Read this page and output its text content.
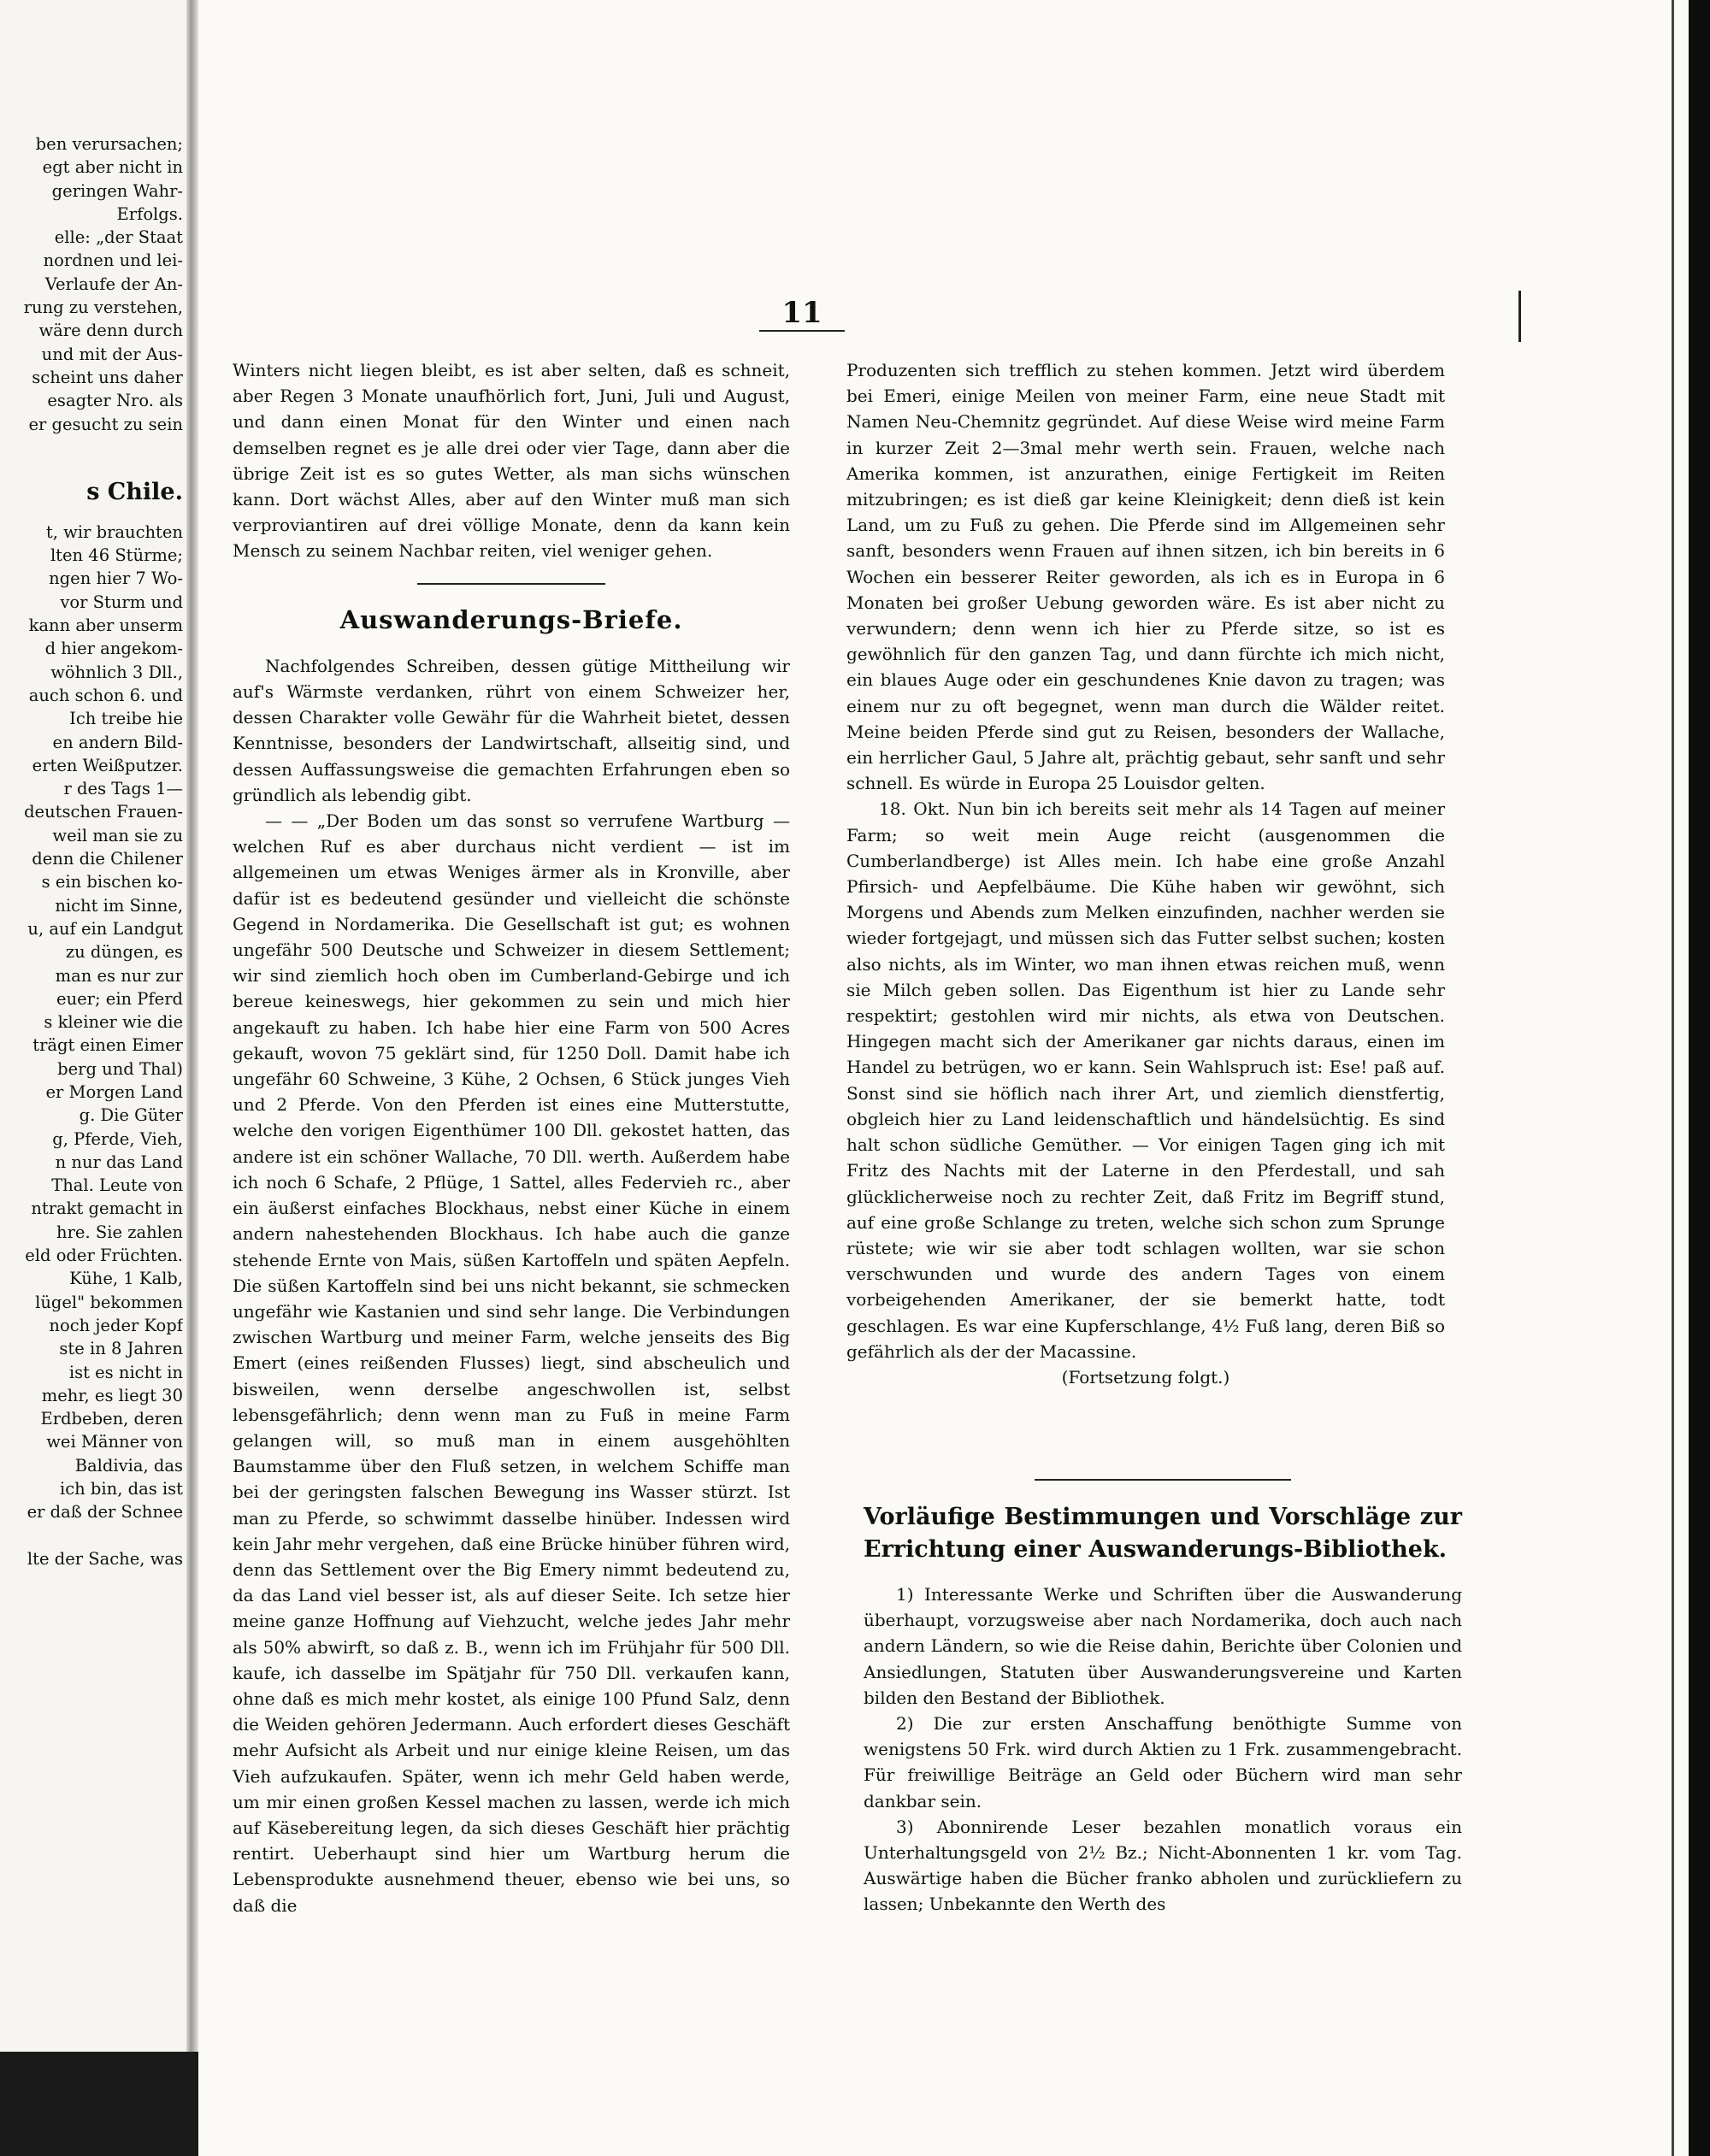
ben verursachen;
egt aber nicht in
geringen Wahr-
Erfolgs.
elle: „der Staat
nordnen und lei-
Verlaufe der An-
rung zu verstehen,
wäre denn durch
und mit der Aus-
scheint uns daher
esagter Nro. als
er gesucht zu sein
s Chile.
t, wir brauchten
lten 46 Stürme;
ngen hier 7 Wo-
vor Sturm und
kann aber unserm
d hier angekom-
wöhnlich 3 Dll.,
auch schon 6. und
Ich treibe hie
en andern Bild-
erten Weißputzer.
r des Tags 1—
deutschen Frauen-
weil man sie zu
denn die Chilener
s ein bischen ko-
nicht im Sinne,
u, auf ein Landgut
zu düngen, es
man es nur zur
euer; ein Pferd
s kleiner wie die
trägt einen Eimer
berg und Thal)
er Morgen Land
g. Die Güter
g, Pferde, Vieh,
n nur das Land
Thal. Leute von
ntrakt gemacht in
hre. Sie zahlen
eld oder Früchten.
Kühe, 1 Kalb,
lügel" bekommen
noch jeder Kopf
ste in 8 Jahren
ist es nicht in
mehr, es liegt 30
Erdbeben, deren
wei Männer von
Baldivia, das
ich bin, das ist
er daß der Schnee

lte der Sache, was
11

Winters nicht liegen bleibt, es ist aber selten, daß es schneit, aber Regen 3 Monate unaufhörlich fort, Juni, Juli und August, und dann einen Monat für den Winter und einen nach demselben regnet es je alle drei oder vier Tage, dann aber die übrige Zeit ist es so gutes Wetter, als man sichs wünschen kann. Dort wächst Alles, aber auf den Winter muß man sich verproviantiren auf drei völlige Monate, denn da kann kein Mensch zu seinem Nachbar reiten, viel weniger gehen.

Auswanderungs-Briefe.

Nachfolgendes Schreiben, dessen gütige Mittheilung wir auf's Wärmste verdanken, rührt von einem Schweizer her, dessen Charakter volle Gewähr für die Wahrheit bietet, dessen Kenntnisse, besonders der Landwirtschaft, allseitig sind, und dessen Auffassungsweise die gemachten Erfahrungen eben so gründlich als lebendig gibt.

— — „Der Boden um das sonst so verrufene Wartburg — welchen Ruf es aber durchaus nicht verdient — ist im allgemeinen um etwas Weniges ärmer als in Kronville, aber dafür ist es bedeutend gesünder und vielleicht die schönste Gegend in Nordamerika. Die Gesellschaft ist gut; es wohnen ungefähr 500 Deutsche und Schweizer in diesem Settlement; wir sind ziemlich hoch oben im Cumberland-Gebirge und ich bereue keineswegs, hier gekommen zu sein und mich hier angekauft zu haben. Ich habe hier eine Farm von 500 Acres gekauft, wovon 75 geklärt sind, für 1250 Doll. Damit habe ich ungefähr 60 Schweine, 3 Kühe, 2 Ochsen, 6 Stück junges Vieh und 2 Pferde. Von den Pferden ist eines eine Mutterstutte, welche den vorigen Eigenthümer 100 Dll. gekostet hatten, das andere ist ein schöner Wallache, 70 Dll. werth. Außerdem habe ich noch 6 Schafe, 2 Pflüge, 1 Sattel, alles Federvieh rc., aber ein äußerst einfaches Blockhaus, nebst einer Küche in einem andern nahestehenden Blockhaus. Ich habe auch die ganze stehende Ernte von Mais, süßen Kartoffeln und späten Aepfeln. Die süßen Kartoffeln sind bei uns nicht bekannt, sie schmecken ungefähr wie Kastanien und sind sehr lange. Die Verbindungen zwischen Wartburg und meiner Farm, welche jenseits des Big Emert (eines reißenden Flusses) liegt, sind abscheulich und bisweilen, wenn derselbe angeschwollen ist, selbst lebensgefährlich; denn wenn man zu Fuß in meine Farm gelangen will, so muß man in einem ausgehöhlten Baumstamme über den Fluß setzen, in welchem Schiffe man bei der geringsten falschen Bewegung ins Wasser stürzt. Ist man zu Pferde, so schwimmt dasselbe hinüber. Indessen wird kein Jahr mehr vergehen, daß eine Brücke hinüber führen wird, denn das Settlement over the Big Emery nimmt bedeutend zu, da das Land viel besser ist, als auf dieser Seite. Ich setze hier meine ganze Hoffnung auf Viehzucht, welche jedes Jahr mehr als 50% abwirft, so daß z. B., wenn ich im Frühjahr für 500 Dll. kaufe, ich dasselbe im Spätjahr für 750 Dll. verkaufen kann, ohne daß es mich mehr kostet, als einige 100 Pfund Salz, denn die Weiden gehören Jedermann. Auch erfordert dieses Geschäft mehr Aufsicht als Arbeit und nur einige kleine Reisen, um das Vieh aufzukaufen. Später, wenn ich mehr Geld haben werde, um mir einen großen Kessel machen zu lassen, werde ich mich auf Käsebereitung legen, da sich dieses Geschäft hier prächtig rentirt. Ueberhaupt sind hier um Wartburg herum die Lebensprodukte ausnehmend theuer, ebenso wie bei uns, so daß die

Produzenten sich trefflich zu stehen kommen. Jetzt wird überdem bei Emeri, einige Meilen von meiner Farm, eine neue Stadt mit Namen Neu-Chemnitz gegründet. Auf diese Weise wird meine Farm in kurzer Zeit 2—3mal mehr werth sein. Frauen, welche nach Amerika kommen, ist anzurathen, einige Fertigkeit im Reiten mitzubringen; es ist dieß gar keine Kleinigkeit; denn dieß ist kein Land, um zu Fuß zu gehen. Die Pferde sind im Allgemeinen sehr sanft, besonders wenn Frauen auf ihnen sitzen, ich bin bereits in 6 Wochen ein besserer Reiter geworden, als ich es in Europa in 6 Monaten bei großer Uebung geworden wäre. Es ist aber nicht zu verwundern; denn wenn ich hier zu Pferde sitze, so ist es gewöhnlich für den ganzen Tag, und dann fürchte ich mich nicht, ein blaues Auge oder ein geschundenes Knie davon zu tragen; was einem nur zu oft begegnet, wenn man durch die Wälder reitet. Meine beiden Pferde sind gut zu Reisen, besonders der Wallache, ein herrlicher Gaul, 5 Jahre alt, prächtig gebaut, sehr sanft und sehr schnell. Es würde in Europa 25 Louisdor gelten.

18. Okt. Nun bin ich bereits seit mehr als 14 Tagen auf meiner Farm; so weit mein Auge reicht (ausgenommen die Cumberlandberge) ist Alles mein. Ich habe eine große Anzahl Pfirsich- und Aepfelbäume. Die Kühe haben wir gewöhnt, sich Morgens und Abends zum Melken einzufinden, nachher werden sie wieder fortgejagt, und müssen sich das Futter selbst suchen; kosten also nichts, als im Winter, wo man ihnen etwas reichen muß, wenn sie Milch geben sollen. Das Eigenthum ist hier zu Lande sehr respektirt; gestohlen wird mir nichts, als etwa von Deutschen. Hingegen macht sich der Amerikaner gar nichts daraus, einen im Handel zu betrügen, wo er kann. Sein Wahlspruch ist: Ese! paß auf. Sonst sind sie höflich nach ihrer Art, und ziemlich dienstfertig, obgleich hier zu Land leidenschaftlich und händelsüchtig. Es sind halt schon südliche Gemüther. — Vor einigen Tagen ging ich mit Fritz des Nachts mit der Laterne in den Pferdestall, und sah glücklicherweise noch zu rechter Zeit, daß Fritz im Begriff stund, auf eine große Schlange zu treten, welche sich schon zum Sprunge rüstete; wie wir sie aber todt schlagen wollten, war sie schon verschwunden und wurde des andern Tages von einem vorbeigehenden Amerikaner, der sie bemerkt hatte, todt geschlagen. Es war eine Kupferschlange, 4½ Fuß lang, deren Biß so gefährlich als der der Macassine.

(Fortsetzung folgt.)

Vorläufige Bestimmungen und Vorschläge zur Errichtung einer Auswanderungs-Bibliothek.

1) Interessante Werke und Schriften über die Auswanderung überhaupt, vorzugsweise aber nach Nordamerika, doch auch nach andern Ländern, so wie die Reise dahin, Berichte über Colonien und Ansiedlungen, Statuten über Auswanderungsvereine und Karten bilden den Bestand der Bibliothek.

2) Die zur ersten Anschaffung benöthigte Summe von wenigstens 50 Frk. wird durch Aktien zu 1 Frk. zusammengebracht. Für freiwillige Beiträge an Geld oder Büchern wird man sehr dankbar sein.

3) Abonnirende Leser bezahlen monatlich voraus ein Unterhaltungsgeld von 2½ Bz.; Nicht-Abonnenten 1 kr. vom Tag. Auswärtige haben die Bücher franko abholen und zurückliefern zu lassen; Unbekannte den Werth des
